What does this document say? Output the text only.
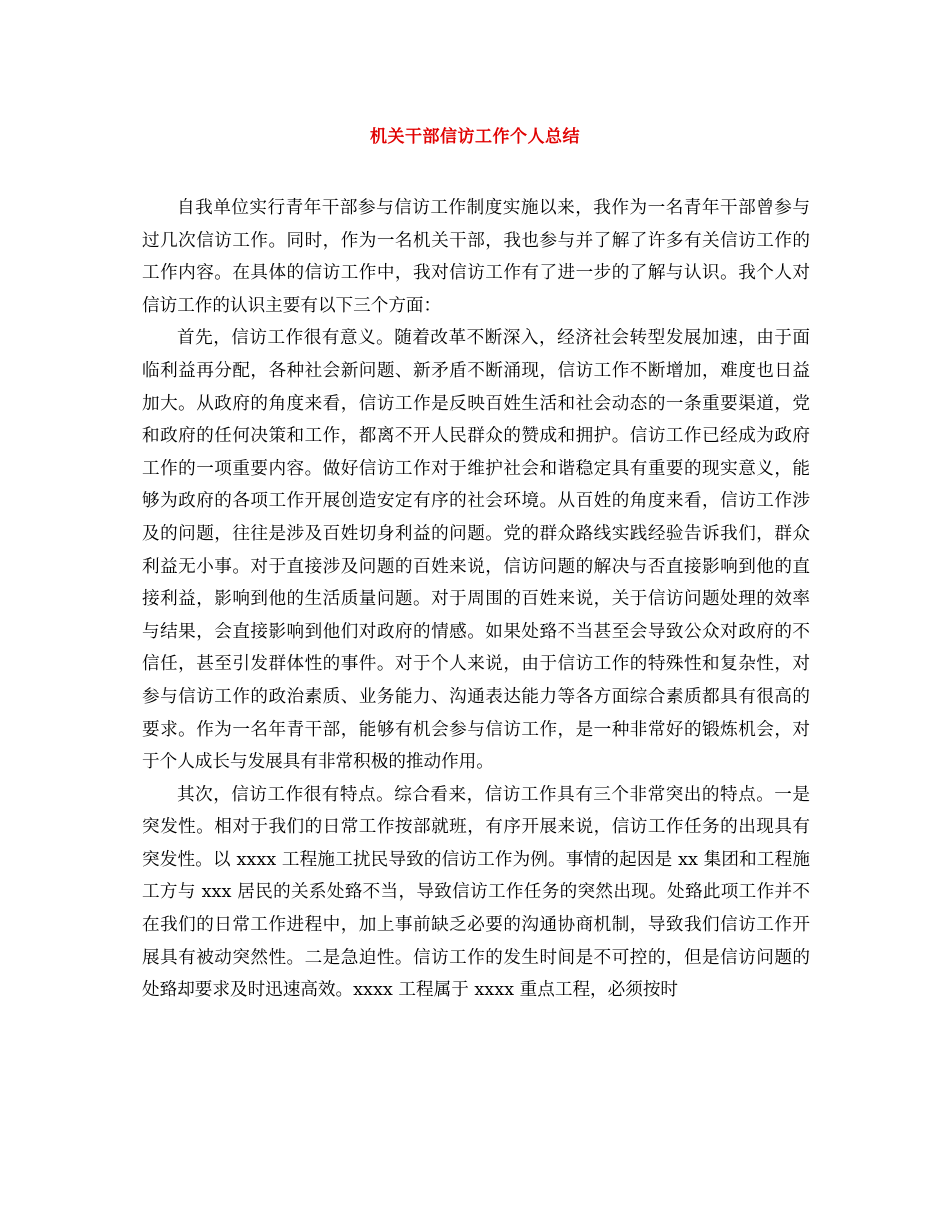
机关干部信访工作个人总结

自我单位实行青年干部参与信访工作制度实施以来，我作为一名青年干部曾参与过几次信访工作。同时，作为一名机关干部，我也参与并了解了许多有关信访工作的工作内容。在具体的信访工作中，我对信访工作有了进一步的了解与认识。我个人对信访工作的认识主要有以下三个方面：

首先，信访工作很有意义。随着改革不断深入，经济社会转型发展加速，由于面临利益再分配，各种社会新问题、新矛盾不断涌现，信访工作不断增加，难度也日益加大。从政府的角度来看，信访工作是反映百姓生活和社会动态的一条重要渠道，党和政府的任何决策和工作，都离不开人民群众的赞成和拥护。信访工作已经成为政府工作的一项重要内容。做好信访工作对于维护社会和谐稳定具有重要的现实意义，能够为政府的各项工作开展创造安定有序的社会环境。从百姓的角度来看，信访工作涉及的问题，往往是涉及百姓切身利益的问题。党的群众路线实践经验告诉我们，群众利益无小事。对于直接涉及问题的百姓来说，信访问题的解决与否直接影响到他的直接利益，影响到他的生活质量问题。对于周围的百姓来说，关于信访问题处理的效率与结果，会直接影响到他们对政府的情感。如果处臵不当甚至会导致公众对政府的不信任，甚至引发群体性的事件。对于个人来说，由于信访工作的特殊性和复杂性，对参与信访工作的政治素质、业务能力、沟通表达能力等各方面综合素质都具有很高的要求。作为一名年青干部，能够有机会参与信访工作，是一种非常好的锻炼机会，对于个人成长与发展具有非常积极的推动作用。

其次，信访工作很有特点。综合看来，信访工作具有三个非常突出的特点。一是突发性。相对于我们的日常工作按部就班，有序开展来说，信访工作任务的出现具有突发性。以 xxxx 工程施工扰民导致的信访工作为例。事情的起因是 xx 集团和工程施工方与 xxx 居民的关系处臵不当，导致信访工作任务的突然出现。处臵此项工作并不在我们的日常工作进程中，加上事前缺乏必要的沟通协商机制，导致我们信访工作开展具有被动突然性。二是急迫性。信访工作的发生时间是不可控的，但是信访问题的处臵却要求及时迅速高效。xxxx 工程属于 xxxx 重点工程，必须按时
